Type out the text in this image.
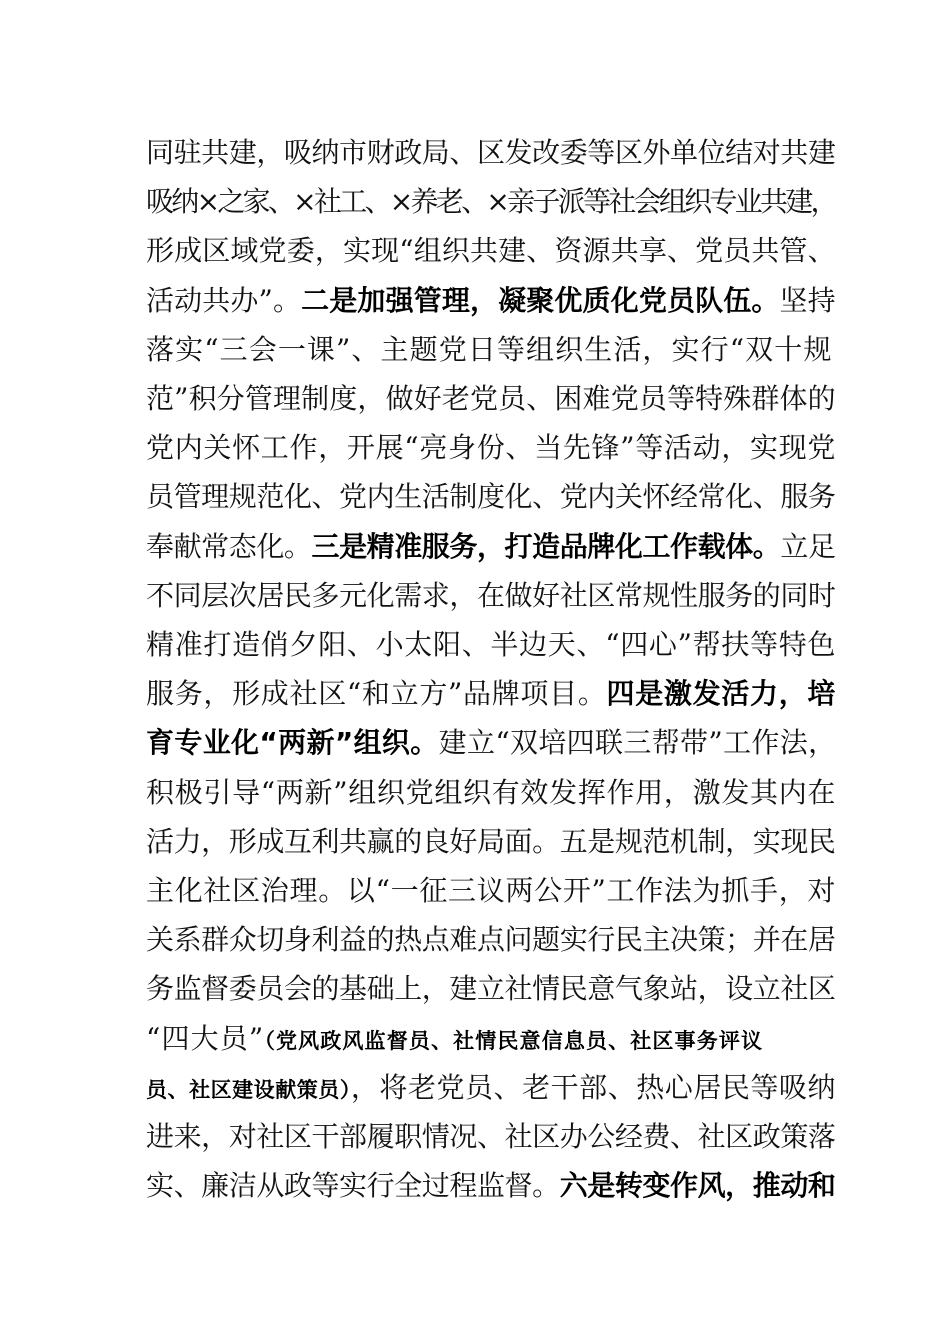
同驻共建，吸纳市财政局、区发改委等区外单位结对共建
吸纳×之家、×社工、×养老、×亲子派等社会组织专业共建，
形成区域党委，实现“组织共建、资源共享、党员共管、
活动共办”。二是加强管理，凝聚优质化党员队伍。坚持
落实“三会一课”、主题党日等组织生活，实行“双十规
范”积分管理制度，做好老党员、困难党员等特殊群体的
党内关怀工作，开展“亮身份、当先锋”等活动，实现党
员管理规范化、党内生活制度化、党内关怀经常化、服务
奉献常态化。三是精准服务，打造品牌化工作载体。立足
不同层次居民多元化需求，在做好社区常规性服务的同时
精准打造俏夕阳、小太阳、半边天、“四心”帮扶等特色
服务，形成社区“和立方”品牌项目。四是激发活力，培
育专业化“两新”组织。建立“双培四联三帮带”工作法，
积极引导“两新”组织党组织有效发挥作用，激发其内在
活力，形成互利共赢的良好局面。五是规范机制，实现民
主化社区治理。以“一征三议两公开”工作法为抓手，对
关系群众切身利益的热点难点问题实行民主决策；并在居
务监督委员会的基础上，建立社情民意气象站，设立社区
“四大员”（党风政风监督员、社情民意信息员、社区事务评议
员、社区建设献策员），将老党员、老干部、热心居民等吸纳
进来，对社区干部履职情况、社区办公经费、社区政策落
实、廉洁从政等实行全过程监督。六是转变作风，推动和
